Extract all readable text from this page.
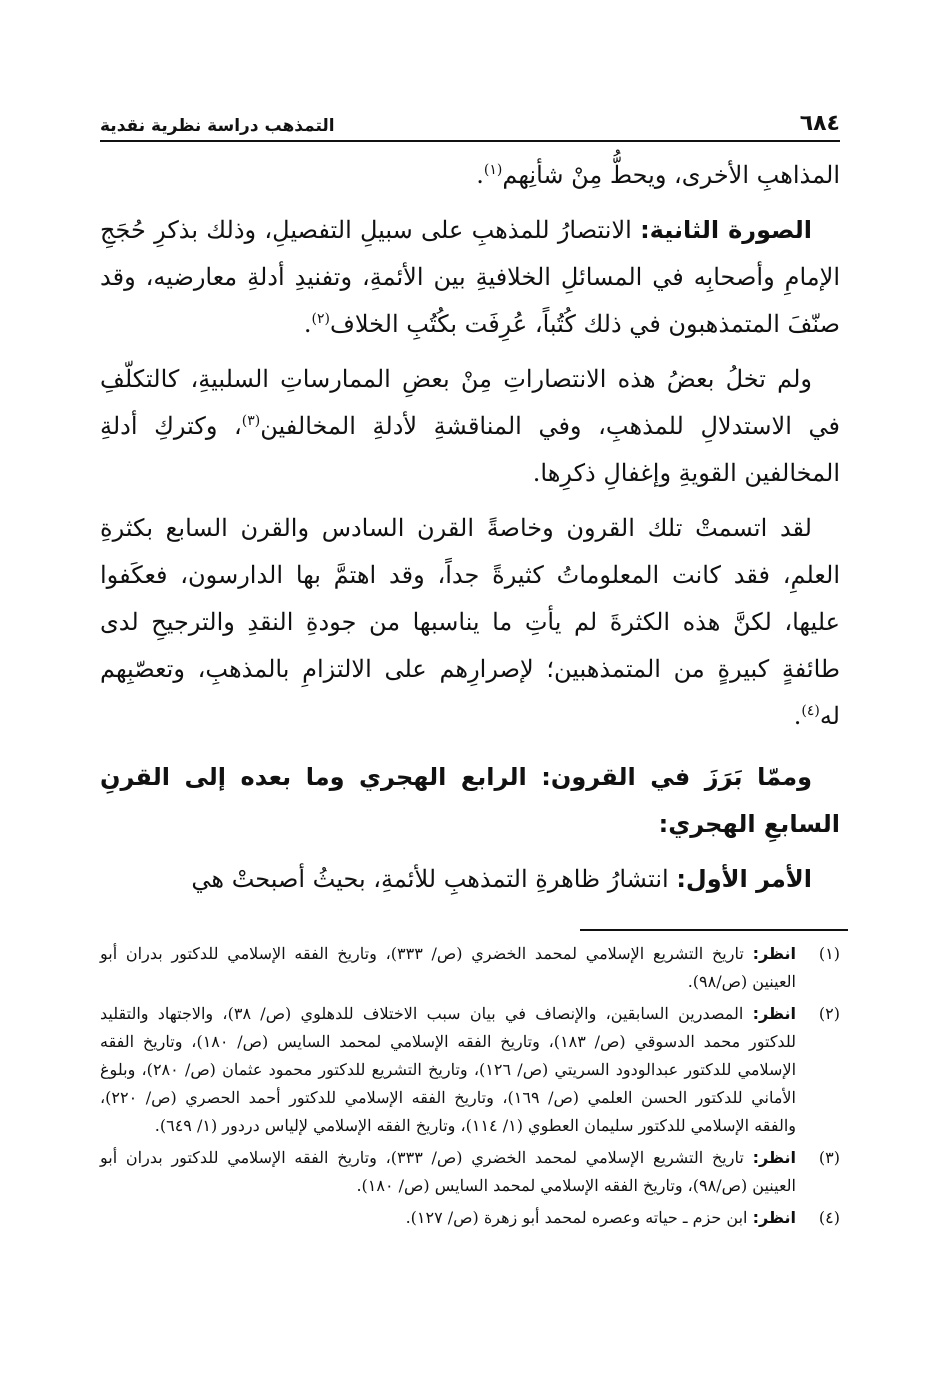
٦٨٤
التمذهب دراسة نظرية نقدية

المذاهبِ الأخرى، ويحطُّ مِنْ شأنِهم$^{(١)}$.

الصورة الثانية: الانتصارُ للمذهبِ على سبيلِ التفصيلِ، وذلك بذكرِ حُجَجِ الإمامِ وأصحابِه في المسائلِ الخلافيةِ بين الأئمةِ، وتفنيدِ أدلةِ معارضيه، وقد صنّفَ المتمذهبون في ذلك كُتُباً، عُرِفَت بكُتُبِ الخلاف$^{(٢)}$.

ولم تخلُ بعضُ هذه الانتصاراتِ مِنْ بعضِ الممارساتِ السلبيةِ، كالتكلّفِ في الاستدلالِ للمذهبِ، وفي المناقشةِ لأدلةِ المخالفين$^{(٣)}$، وكتركِ أدلةِ المخالفين القويةِ وإغفالِ ذكرِها.

لقد اتسمتْ تلك القرون وخاصةً القرن السادس والقرن السابع بكثرةِ العلمِ، فقد كانت المعلوماتُ كثيرةً جداً، وقد اهتمَّ بها الدارسون، فعكَفوا عليها، لكنَّ هذه الكثرةَ لم يأتِ ما يناسبها من جودةِ النقدِ والترجيحِ لدى طائفةٍ كبيرةٍ من المتمذهبين؛ لإصرارِهم على الالتزامِ بالمذهبِ، وتعصّبِهم له$^{(٤)}$.

وممّا بَرَزَ في القرون: الرابع الهجري وما بعده إلى القرنِ السابعِ الهجري:

الأمر الأول: انتشارُ ظاهرةِ التمذهبِ للأئمةِ، بحيثُ أصبحتْ هي

(١)
انظر: تاريخ التشريع الإسلامي لمحمد الخضري (ص/ ٣٣٣)، وتاريخ الفقه الإسلامي للدكتور بدران أبو العينين (ص/٩٨).
(٢)
انظر: المصدرين السابقين، والإنصاف في بيان سبب الاختلاف للدهلوي (ص/ ٣٨)، والاجتهاد والتقليد للدكتور محمد الدسوقي (ص/ ١٨٣)، وتاريخ الفقه الإسلامي لمحمد السايس (ص/ ١٨٠)، وتاريخ الفقه الإسلامي للدكتور عبدالودود السريتي (ص/ ١٢٦)، وتاريخ التشريع للدكتور محمود عثمان (ص/ ٢٨٠)، وبلوغ الأماني للدكتور الحسن العلمي (ص/ ١٦٩)، وتاريخ الفقه الإسلامي للدكتور أحمد الحصري (ص/ ٢٢٠)، والفقه الإسلامي للدكتور سليمان العطوي (١/ ١١٤)، وتاريخ الفقه الإسلامي لإلياس دردور (١/ ٦٤٩).
(٣)
انظر: تاريخ التشريع الإسلامي لمحمد الخضري (ص/ ٣٣٣)، وتاريخ الفقه الإسلامي للدكتور بدران أبو العينين (ص/٩٨)، وتاريخ الفقه الإسلامي لمحمد السايس (ص/ ١٨٠).
(٤)
انظر: ابن حزم ـ حياته وعصره لمحمد أبو زهرة (ص/ ١٢٧).
